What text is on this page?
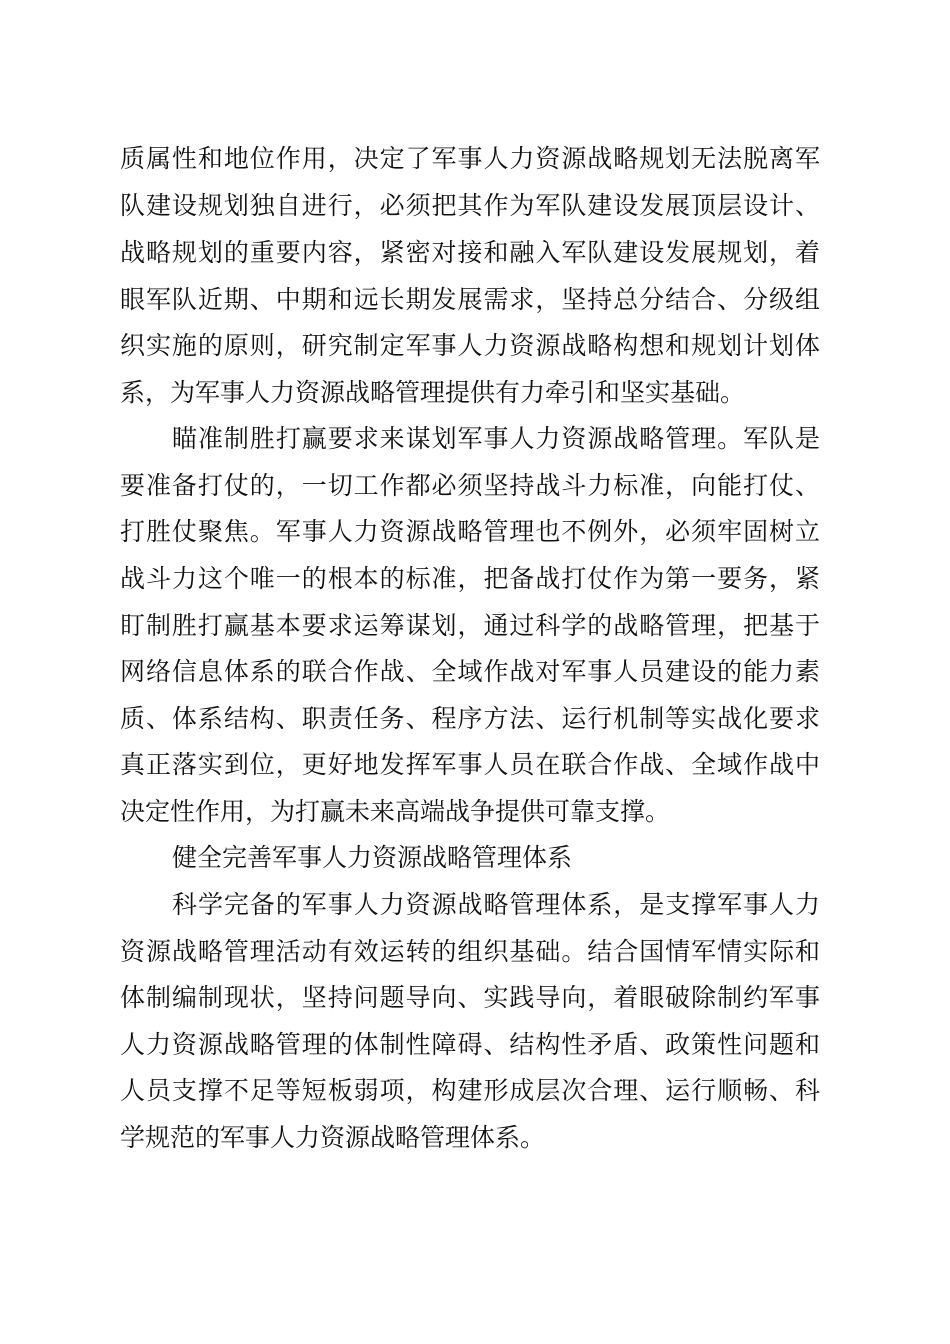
质属性和地位作用，决定了军事人力资源战略规划无法脱离军
队建设规划独自进行，必须把其作为军队建设发展顶层设计、
战略规划的重要内容，紧密对接和融入军队建设发展规划，着
眼军队近期、中期和远长期发展需求，坚持总分结合、分级组
织实施的原则，研究制定军事人力资源战略构想和规划计划体
系，为军事人力资源战略管理提供有力牵引和坚实基础。
瞄准制胜打赢要求来谋划军事人力资源战略管理。军队是
要准备打仗的，一切工作都必须坚持战斗力标准，向能打仗、
打胜仗聚焦。军事人力资源战略管理也不例外，必须牢固树立
战斗力这个唯一的根本的标准，把备战打仗作为第一要务，紧
盯制胜打赢基本要求运筹谋划，通过科学的战略管理，把基于
网络信息体系的联合作战、全域作战对军事人员建设的能力素
质、体系结构、职责任务、程序方法、运行机制等实战化要求
真正落实到位，更好地发挥军事人员在联合作战、全域作战中
决定性作用，为打赢未来高端战争提供可靠支撑。
健全完善军事人力资源战略管理体系
科学完备的军事人力资源战略管理体系，是支撑军事人力
资源战略管理活动有效运转的组织基础。结合国情军情实际和
体制编制现状，坚持问题导向、实践导向，着眼破除制约军事
人力资源战略管理的体制性障碍、结构性矛盾、政策性问题和
人员支撑不足等短板弱项，构建形成层次合理、运行顺畅、科
学规范的军事人力资源战略管理体系。
